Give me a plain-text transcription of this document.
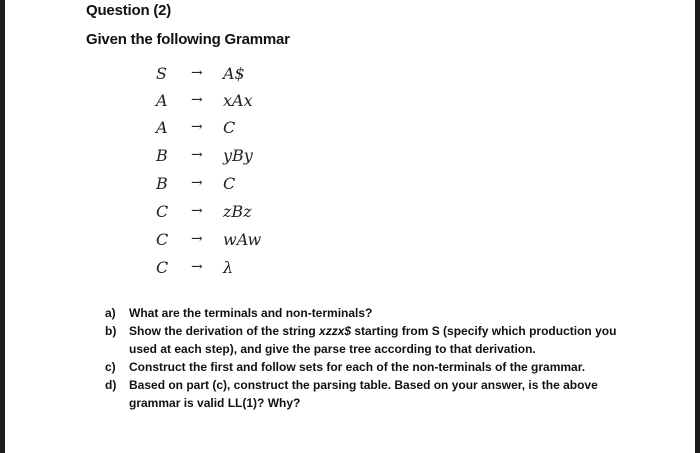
Question (2)
Given the following Grammar
S → A$
A → xAx
A → C
B → yBy
B → C
C → zBz
C → wAw
C → λ
a) What are the terminals and non-terminals?
b) Show the derivation of the string xzzx$ starting from S (specify which production you used at each step), and give the parse tree according to that derivation.
c) Construct the first and follow sets for each of the non-terminals of the grammar.
d) Based on part (c), construct the parsing table. Based on your answer, is the above grammar is valid LL(1)? Why?
